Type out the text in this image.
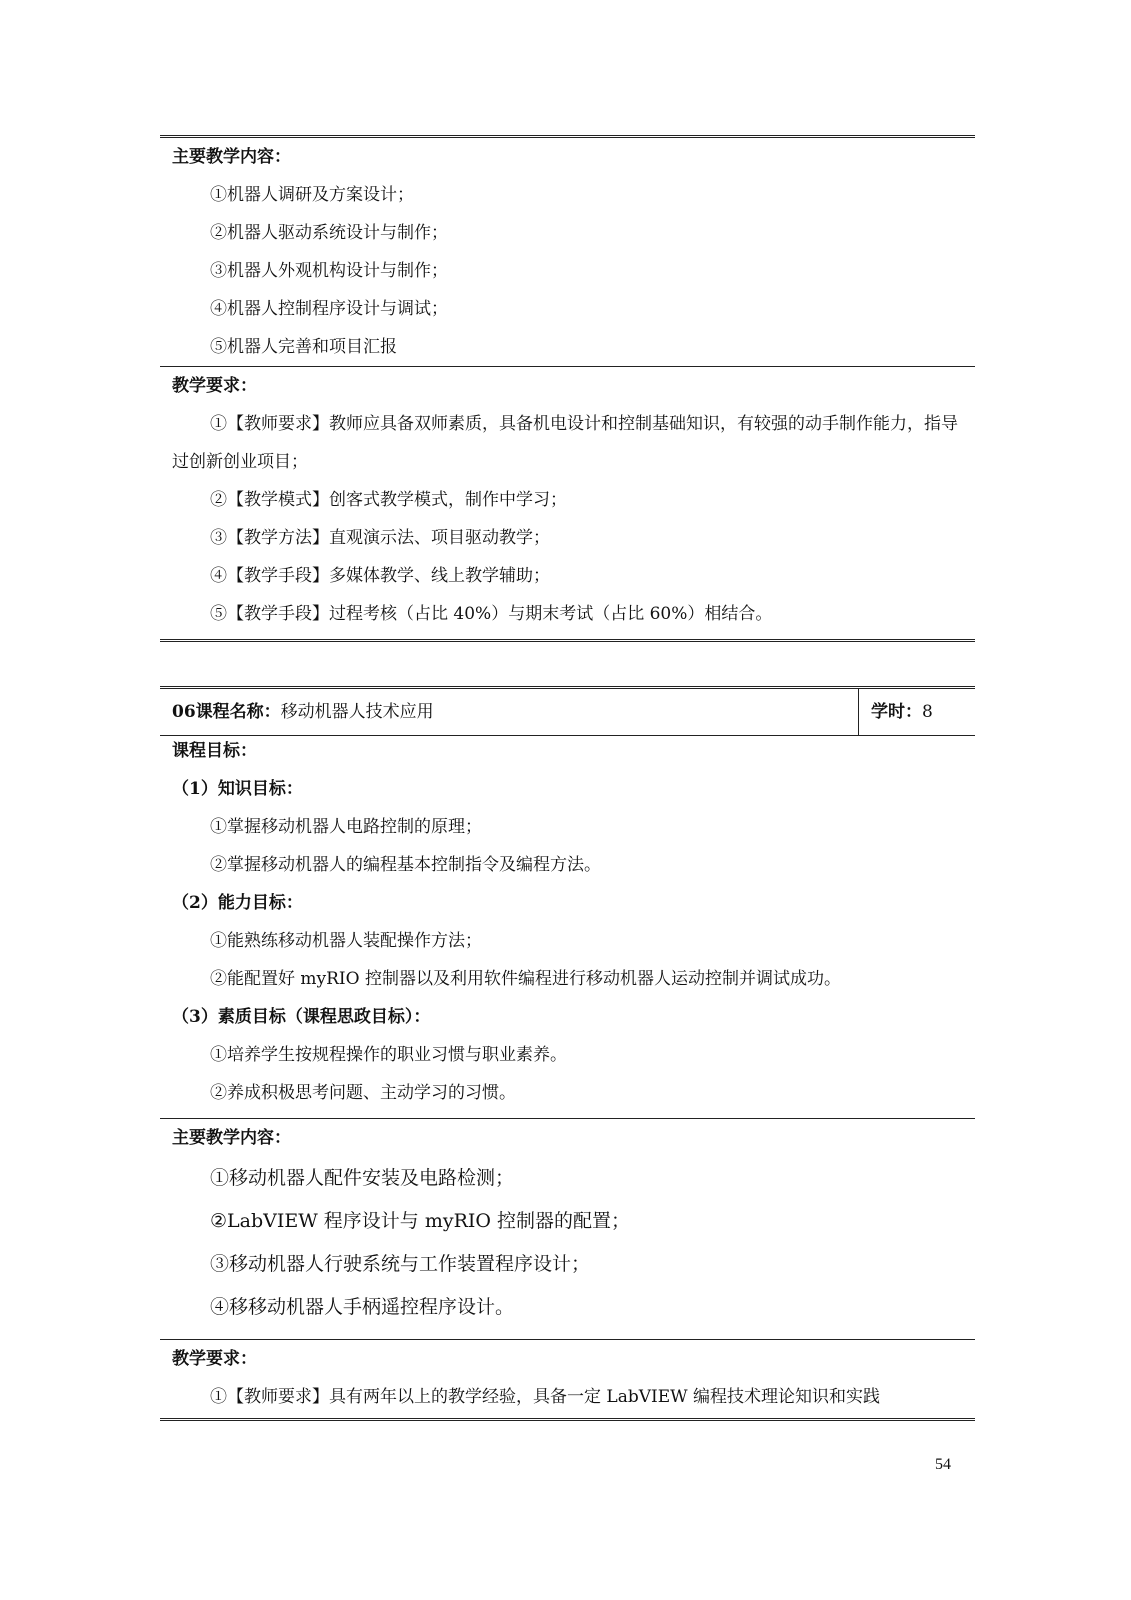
主要教学内容：
①机器人调研及方案设计；
②机器人驱动系统设计与制作；
③机器人外观机构设计与制作；
④机器人控制程序设计与调试；
⑤机器人完善和项目汇报
教学要求：
①【教师要求】教师应具备双师素质，具备机电设计和控制基础知识，有较强的动手制作能力，指导过创新创业项目；
②【教学模式】创客式教学模式，制作中学习；
③【教学方法】直观演示法、项目驱动教学；
④【教学手段】多媒体教学、线上教学辅助；
⑤【教学手段】过程考核（占比 40%）与期末考试（占比 60%）相结合。
06课程名称：移动机器人技术应用	学时：8
课程目标：
（1）知识目标：
①掌握移动机器人电路控制的原理；
②掌握移动机器人的编程基本控制指令及编程方法。
（2）能力目标：
①能熟练移动机器人装配操作方法；
②能配置好 myRIO 控制器以及利用软件编程进行移动机器人运动控制并调试成功。
（3）素质目标（课程思政目标）：
①培养学生按规程操作的职业习惯与职业素养。
②养成积极思考问题、主动学习的习惯。
主要教学内容：
①移动机器人配件安装及电路检测；
②LabVIEW 程序设计与 myRIO 控制器的配置；
③移动机器人行驶系统与工作装置程序设计；
④移移动机器人手柄遥控程序设计。
教学要求：
①【教师要求】具有两年以上的教学经验，具备一定 LabVIEW 编程技术理论知识和实践
54
